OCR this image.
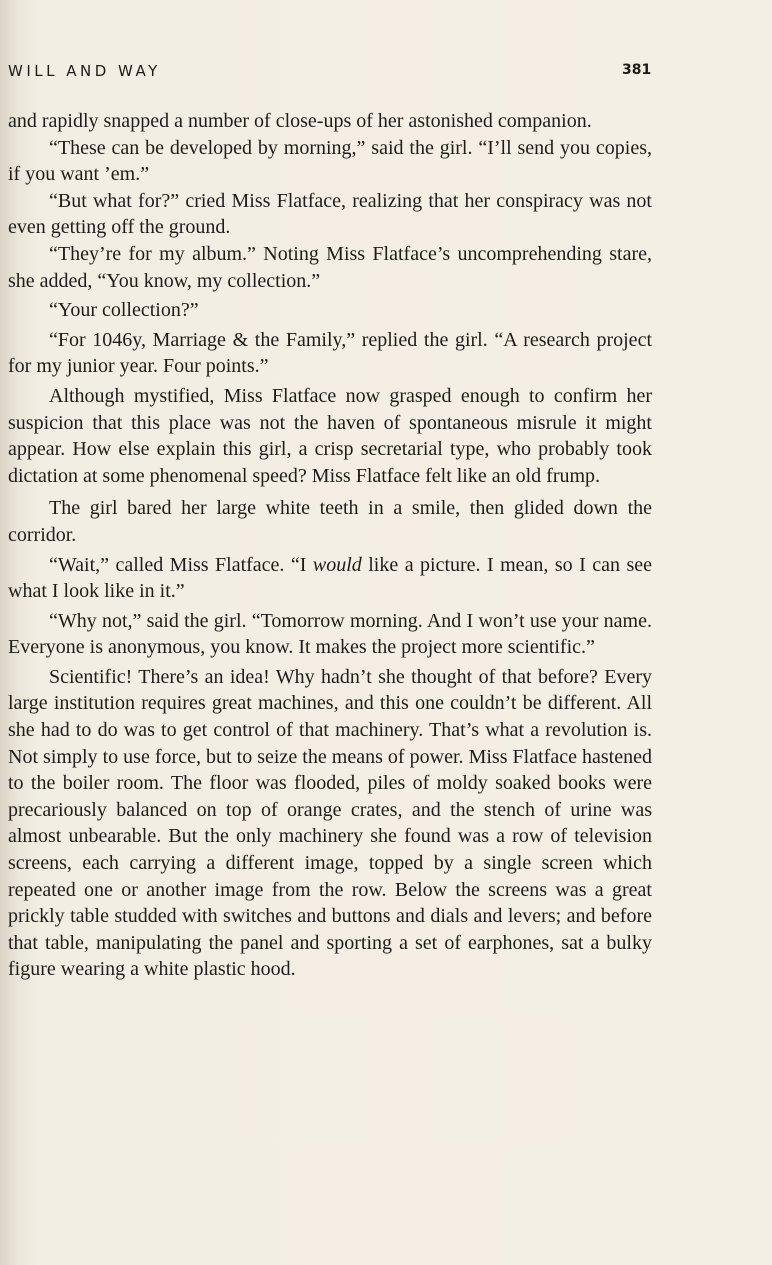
WILL AND WAY	381

and rapidly snapped a number of close-ups of her astonished companion.

“These can be developed by morning,” said the girl. “I’ll send you copies, if you want ’em.”

“But what for?” cried Miss Flatface, realizing that her conspiracy was not even getting off the ground.

“They’re for my album.” Noting Miss Flatface’s uncomprehending stare, she added, “You know, my collection.”

“Your collection?”

“For 1046y, Marriage & the Family,” replied the girl. “A research project for my junior year. Four points.”

Although mystified, Miss Flatface now grasped enough to confirm her suspicion that this place was not the haven of spontaneous misrule it might appear. How else explain this girl, a crisp secretarial type, who probably took dictation at some phenomenal speed? Miss Flatface felt like an old frump.

The girl bared her large white teeth in a smile, then glided down the corridor.

“Wait,” called Miss Flatface. “I would like a picture. I mean, so I can see what I look like in it.”

“Why not,” said the girl. “Tomorrow morning. And I won’t use your name. Everyone is anonymous, you know. It makes the project more scientific.”

Scientific! There’s an idea! Why hadn’t she thought of that before? Every large institution requires great machines, and this one couldn’t be different. All she had to do was to get control of that machinery. That’s what a revolution is. Not simply to use force, but to seize the means of power. Miss Flatface hastened to the boiler room. The floor was flooded, piles of moldy soaked books were precariously balanced on top of orange crates, and the stench of urine was almost unbearable. But the only machinery she found was a row of television screens, each carrying a different image, topped by a single screen which repeated one or another image from the row. Below the screens was a great prickly table studded with switches and buttons and dials and levers; and before that table, manipulating the panel and sporting a set of earphones, sat a bulky figure wearing a white plastic hood.
